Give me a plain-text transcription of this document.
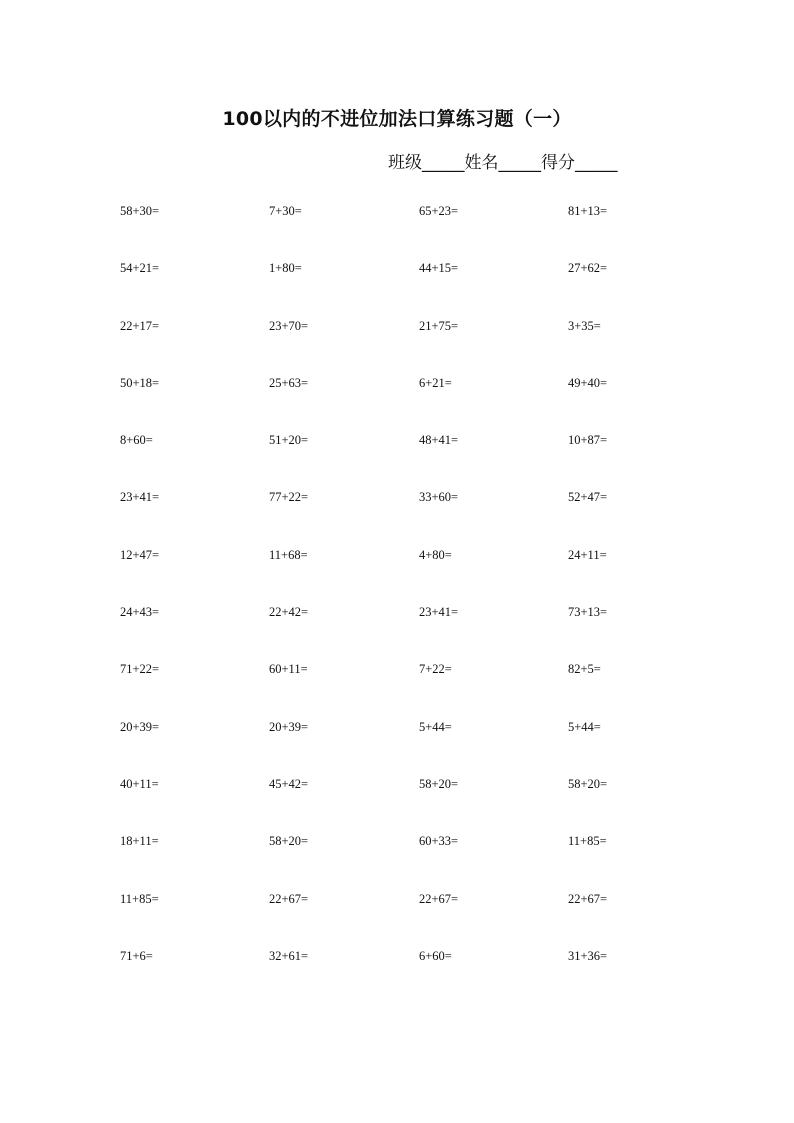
100以内的不进位加法口算练习题（一）
班级_____姓名_____得分_____
58+30=	7+30=	65+23=	81+13=
54+21=	1+80=	44+15=	27+62=
22+17=	23+70=	21+75=	3+35=
50+18=	25+63=	6+21=	49+40=
8+60=	51+20=	48+41=	10+87=
23+41=	77+22=	33+60=	52+47=
12+47=	11+68=	4+80=	24+11=
24+43=	22+42=	23+41=	73+13=
71+22=	60+11=	7+22=	82+5=
20+39=	20+39=	5+44=	5+44=
40+11=	45+42=	58+20=	58+20=
18+11=	58+20=	60+33=	11+85=
11+85=	22+67=	22+67=	22+67=
71+6=	32+61=	6+60=	31+36=
